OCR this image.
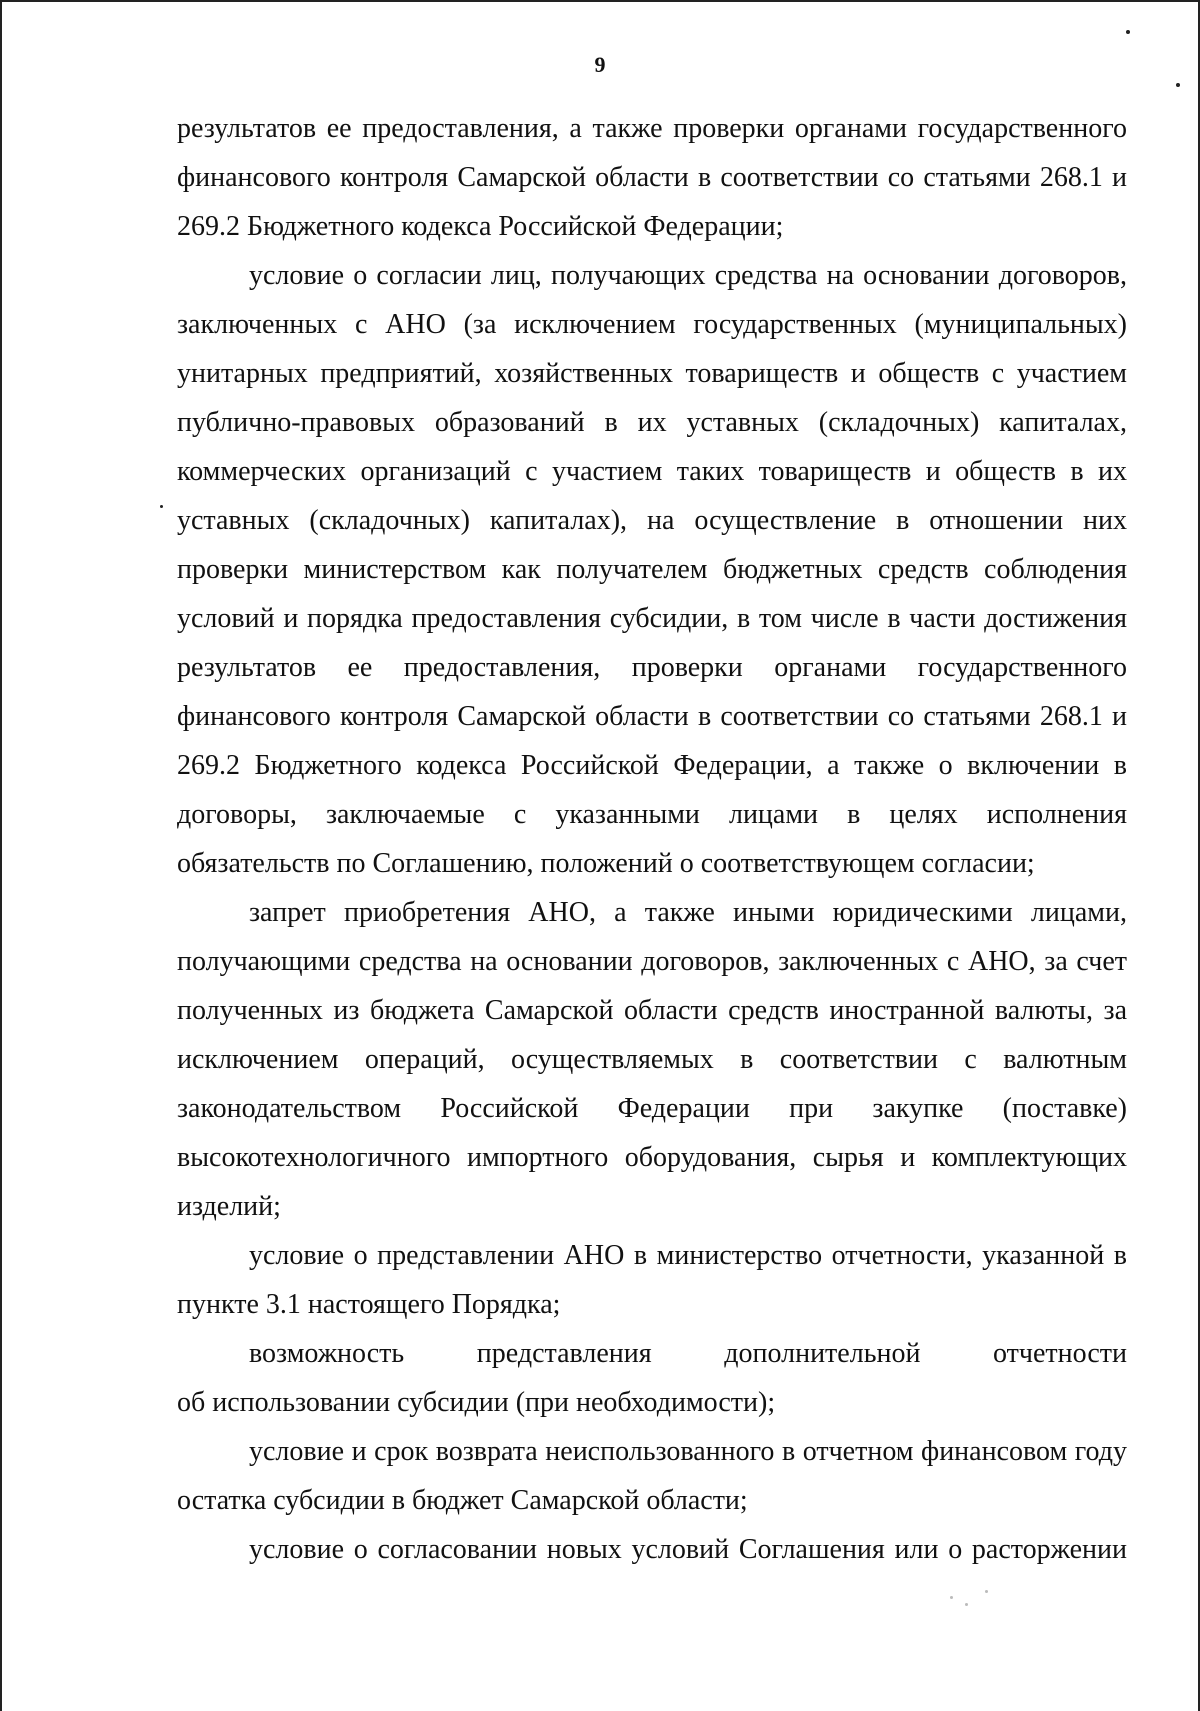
9

результатов ее предоставления, а также проверки органами государственного финансового контроля Самарской области в соответствии со статьями 268.1 и 269.2 Бюджетного кодекса Российской Федерации;

условие о согласии лиц, получающих средства на основании договоров, заключенных с АНО (за исключением государственных (муниципальных) унитарных предприятий, хозяйственных товариществ и обществ с участием публично-правовых образований в их уставных (складочных) капиталах, коммерческих организаций с участием таких товариществ и обществ в их уставных (складочных) капиталах), на осуществление в отношении них проверки министерством как получателем бюджетных средств соблюдения условий и порядка предоставления субсидии, в том числе в части достижения результатов ее предоставления, проверки органами государственного финансового контроля Самарской области в соответствии со статьями 268.1 и 269.2 Бюджетного кодекса Российской Федерации, а также о включении в договоры, заключаемые с указанными лицами в целях исполнения обязательств по Соглашению, положений о соответствующем согласии;

запрет приобретения АНО, а также иными юридическими лицами, получающими средства на основании договоров, заключенных с АНО, за счет полученных из бюджета Самарской области средств иностранной валюты, за исключением операций, осуществляемых в соответствии с валютным законодательством Российской Федерации при закупке (поставке) высокотехнологичного импортного оборудования, сырья и комплектующих изделий;

условие о представлении АНО в министерство отчетности, указанной в пункте 3.1 настоящего Порядка;

возможность представления дополнительной отчетности

об использовании субсидии (при необходимости);

условие и срок возврата неиспользованного в отчетном финансовом году остатка субсидии в бюджет Самарской области;

условие о согласовании новых условий Соглашения или о расторжении
